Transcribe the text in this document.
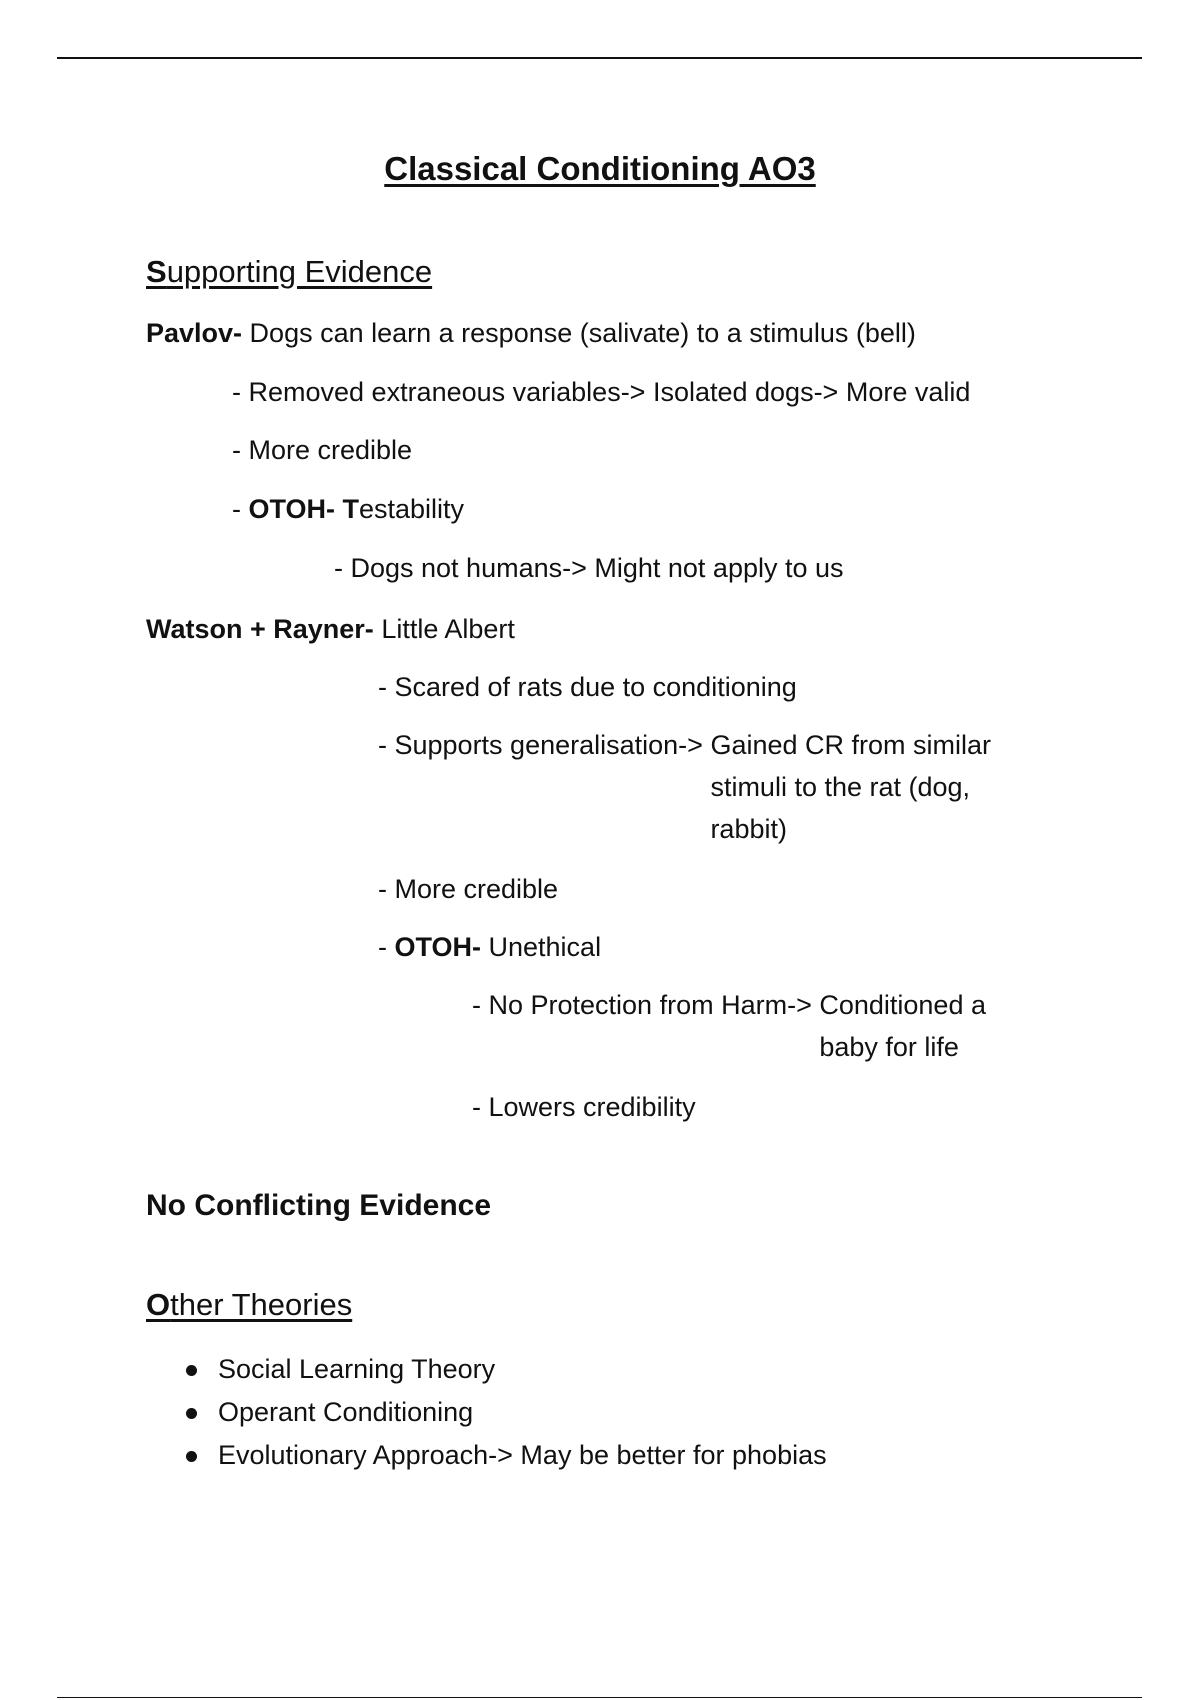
Classical Conditioning AO3
Supporting Evidence
Pavlov- Dogs can learn a response (salivate) to a stimulus (bell)
- Removed extraneous variables-> Isolated dogs-> More valid
- More credible
- OTOH- Testability
- Dogs not humans-> Might not apply to us
Watson + Rayner- Little Albert
- Scared of rats due to conditioning
- Supports generalisation-> Gained CR from similar stimuli to the rat (dog, rabbit)
- More credible
- OTOH- Unethical
- No Protection from Harm-> Conditioned a baby for life
- Lowers credibility
No Conflicting Evidence
Other Theories
Social Learning Theory
Operant Conditioning
Evolutionary Approach-> May be better for phobias
